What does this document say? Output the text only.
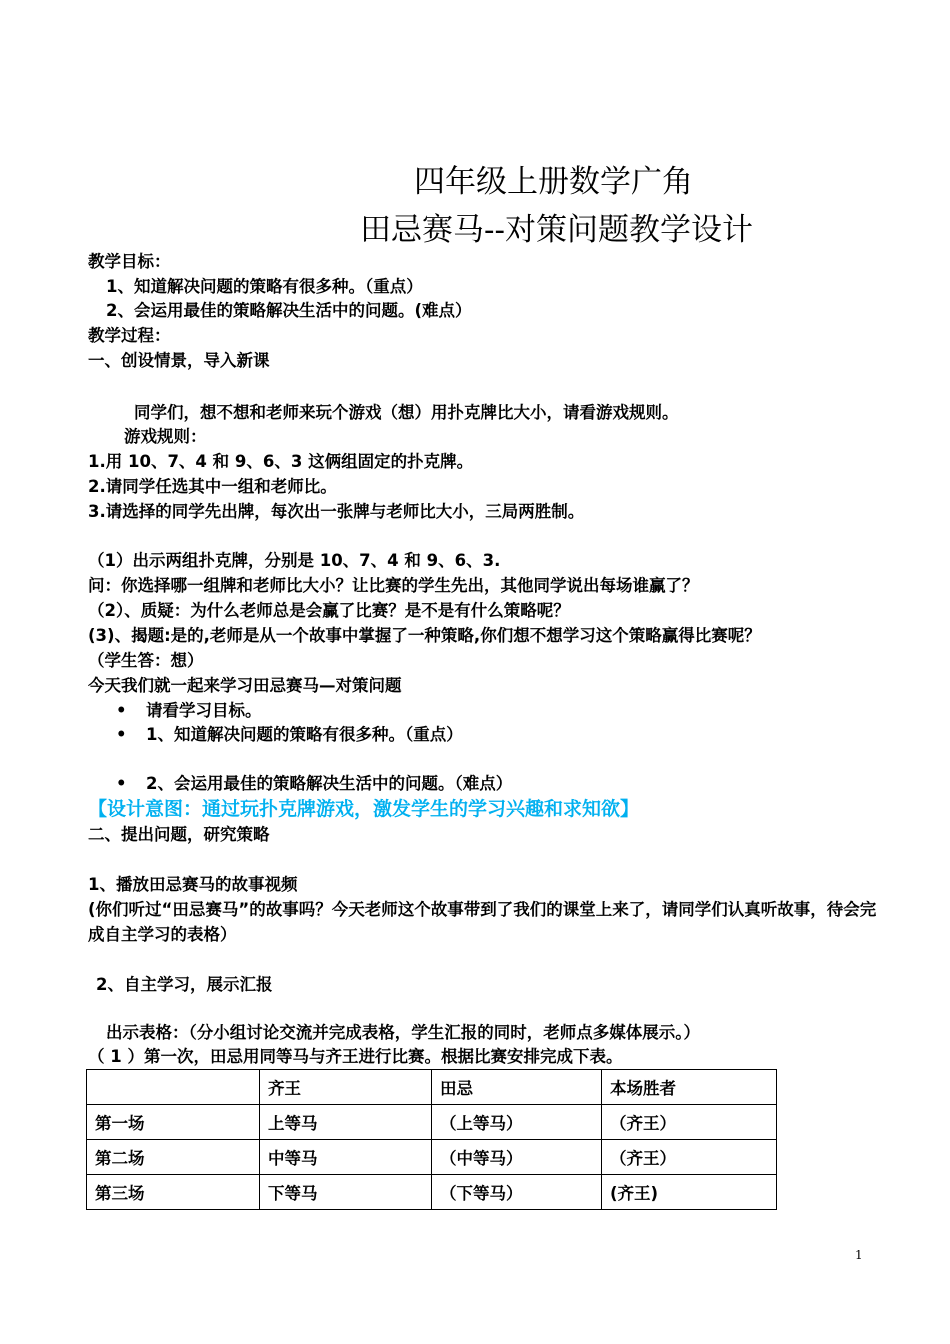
四年级上册数学广角
田忌赛马--对策问题教学设计
教学目标：
1、知道解决问题的策略有很多种。（重点）
2、会运用最佳的策略解决生活中的问题。(难点）
教学过程：
一、创设情景，导入新课
同学们，想不想和老师来玩个游戏（想）用扑克牌比大小，请看游戏规则。
游戏规则：
1.用 10、7、4 和 9、6、3 这俩组固定的扑克牌。
2.请同学任选其中一组和老师比。
3.请选择的同学先出牌，每次出一张牌与老师比大小，三局两胜制。
（1）出示两组扑克牌，分别是 10、7、4 和 9、6、3.
问：你选择哪一组牌和老师比大小？让比赛的学生先出，其他同学说出每场谁赢了？
（2）、质疑：为什么老师总是会赢了比赛？是不是有什么策略呢？
(3)、揭题:是的,老师是从一个故事中掌握了一种策略,你们想不想学习这个策略赢得比赛呢？
（学生答：想）
今天我们就一起来学习田忌赛马—对策问题
• 请看学习目标。
• 1、知道解决问题的策略有很多种。（重点）
• 2、会运用最佳的策略解决生活中的问题。（难点）
【设计意图：通过玩扑克牌游戏，激发学生的学习兴趣和求知欲】
二、提出问题，研究策略
1、播放田忌赛马的故事视频
(你们听过“田忌赛马”的故事吗？今天老师这个故事带到了我们的课堂上来了，请同学们认真听故事，待会完成自主学习的表格）
2、自主学习，展示汇报
出示表格：（分小组讨论交流并完成表格，学生汇报的同时，老师点多媒体展示。）
（ 1 ）第一次，田忌用同等马与齐王进行比赛。根据比赛安排完成下表。
	齐王	田忌	本场胜者
第一场	上等马	（上等马）	（齐王）
第二场	中等马	（中等马）	（齐王）
第三场	下等马	（下等马）	(齐王)
1
